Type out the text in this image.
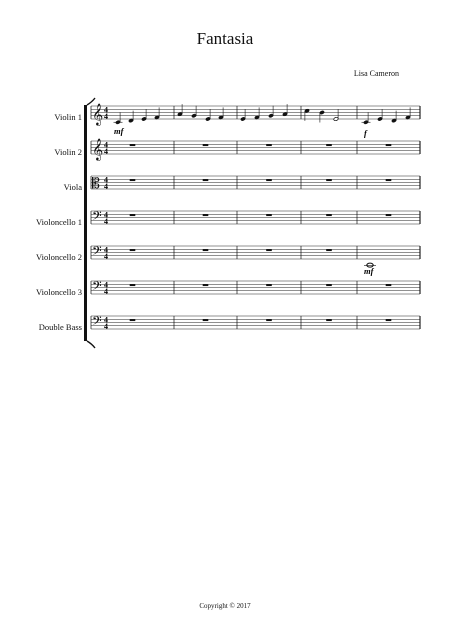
Fantasia
Lisa Cameron
Violin 1
Violin 2
Viola
Violoncello 1
Violoncello 2
Violoncello 3
Double Bass
𝄞 4
4
𝄞 4
4
𝄡 4
4
𝄢 4
4
𝄢 4
4
𝄢 4
4
𝄢 4
4
mf	f
mf
Copyright © 2017
